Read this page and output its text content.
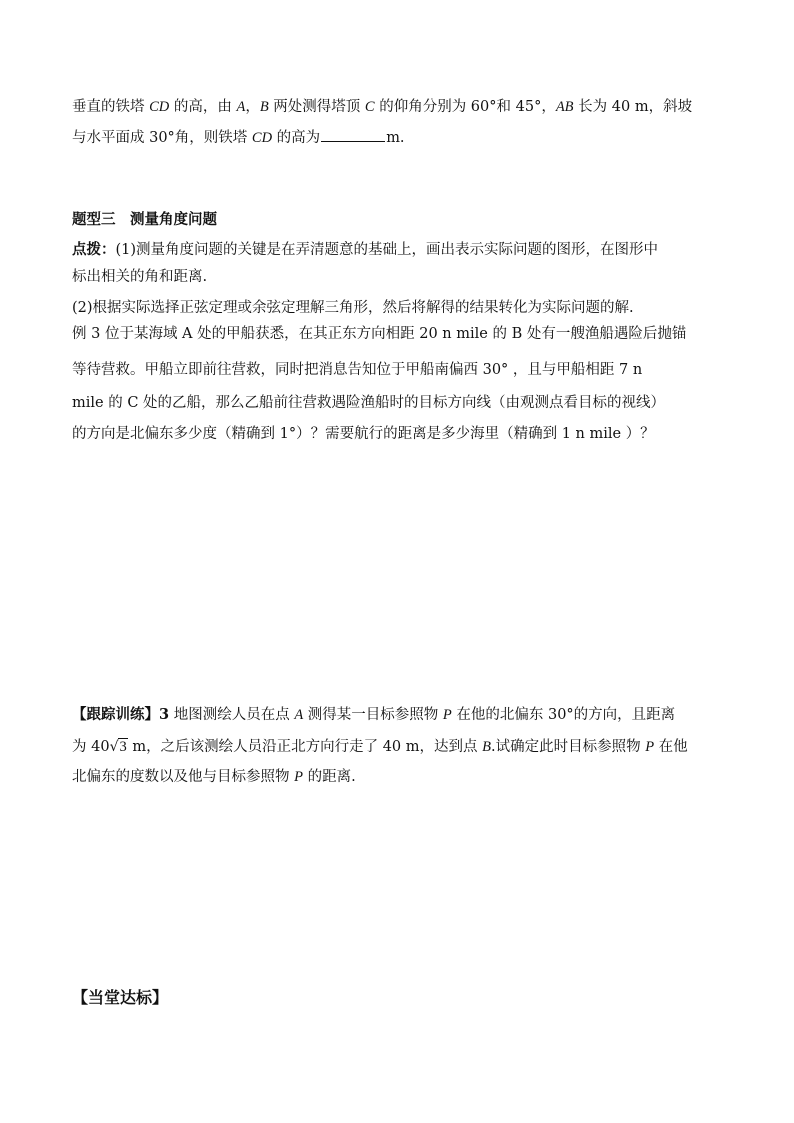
垂直的铁塔 CD 的高，由 A，B 两处测得塔顶 C 的仰角分别为 60°和 45°，AB 长为 40 m，斜坡
与水平面成 30°角，则铁塔 CD 的高为	m.
题型三　测量角度问题
点拨：(1)测量角度问题的关键是在弄清题意的基础上，画出表示实际问题的图形，在图形中
标出相关的角和距离.
(2)根据实际选择正弦定理或余弦定理解三角形，然后将解得的结果转化为实际问题的解.
例 3 位于某海域 A 处的甲船获悉，在其正东方向相距 20 n mile 的 B 处有一艘渔船遇险后抛锚
等待营救。甲船立即前往营救，同时把消息告知位于甲船南偏西 30° ，且与甲船相距 7 n
mile 的 C 处的乙船，那么乙船前往营救遇险渔船时的目标方向线（由观测点看目标的视线）
的方向是北偏东多少度（精确到 1°）？需要航行的距离是多少海里（精确到 1 n mile ）？
【跟踪训练】3 地图测绘人员在点 A 测得某一目标参照物 P 在他的北偏东 30°的方向，且距离
为 40√3 m，之后该测绘人员沿正北方向行走了 40 m，达到点 B.试确定此时目标参照物 P 在他
北偏东的度数以及他与目标参照物 P 的距离.
【当堂达标】
